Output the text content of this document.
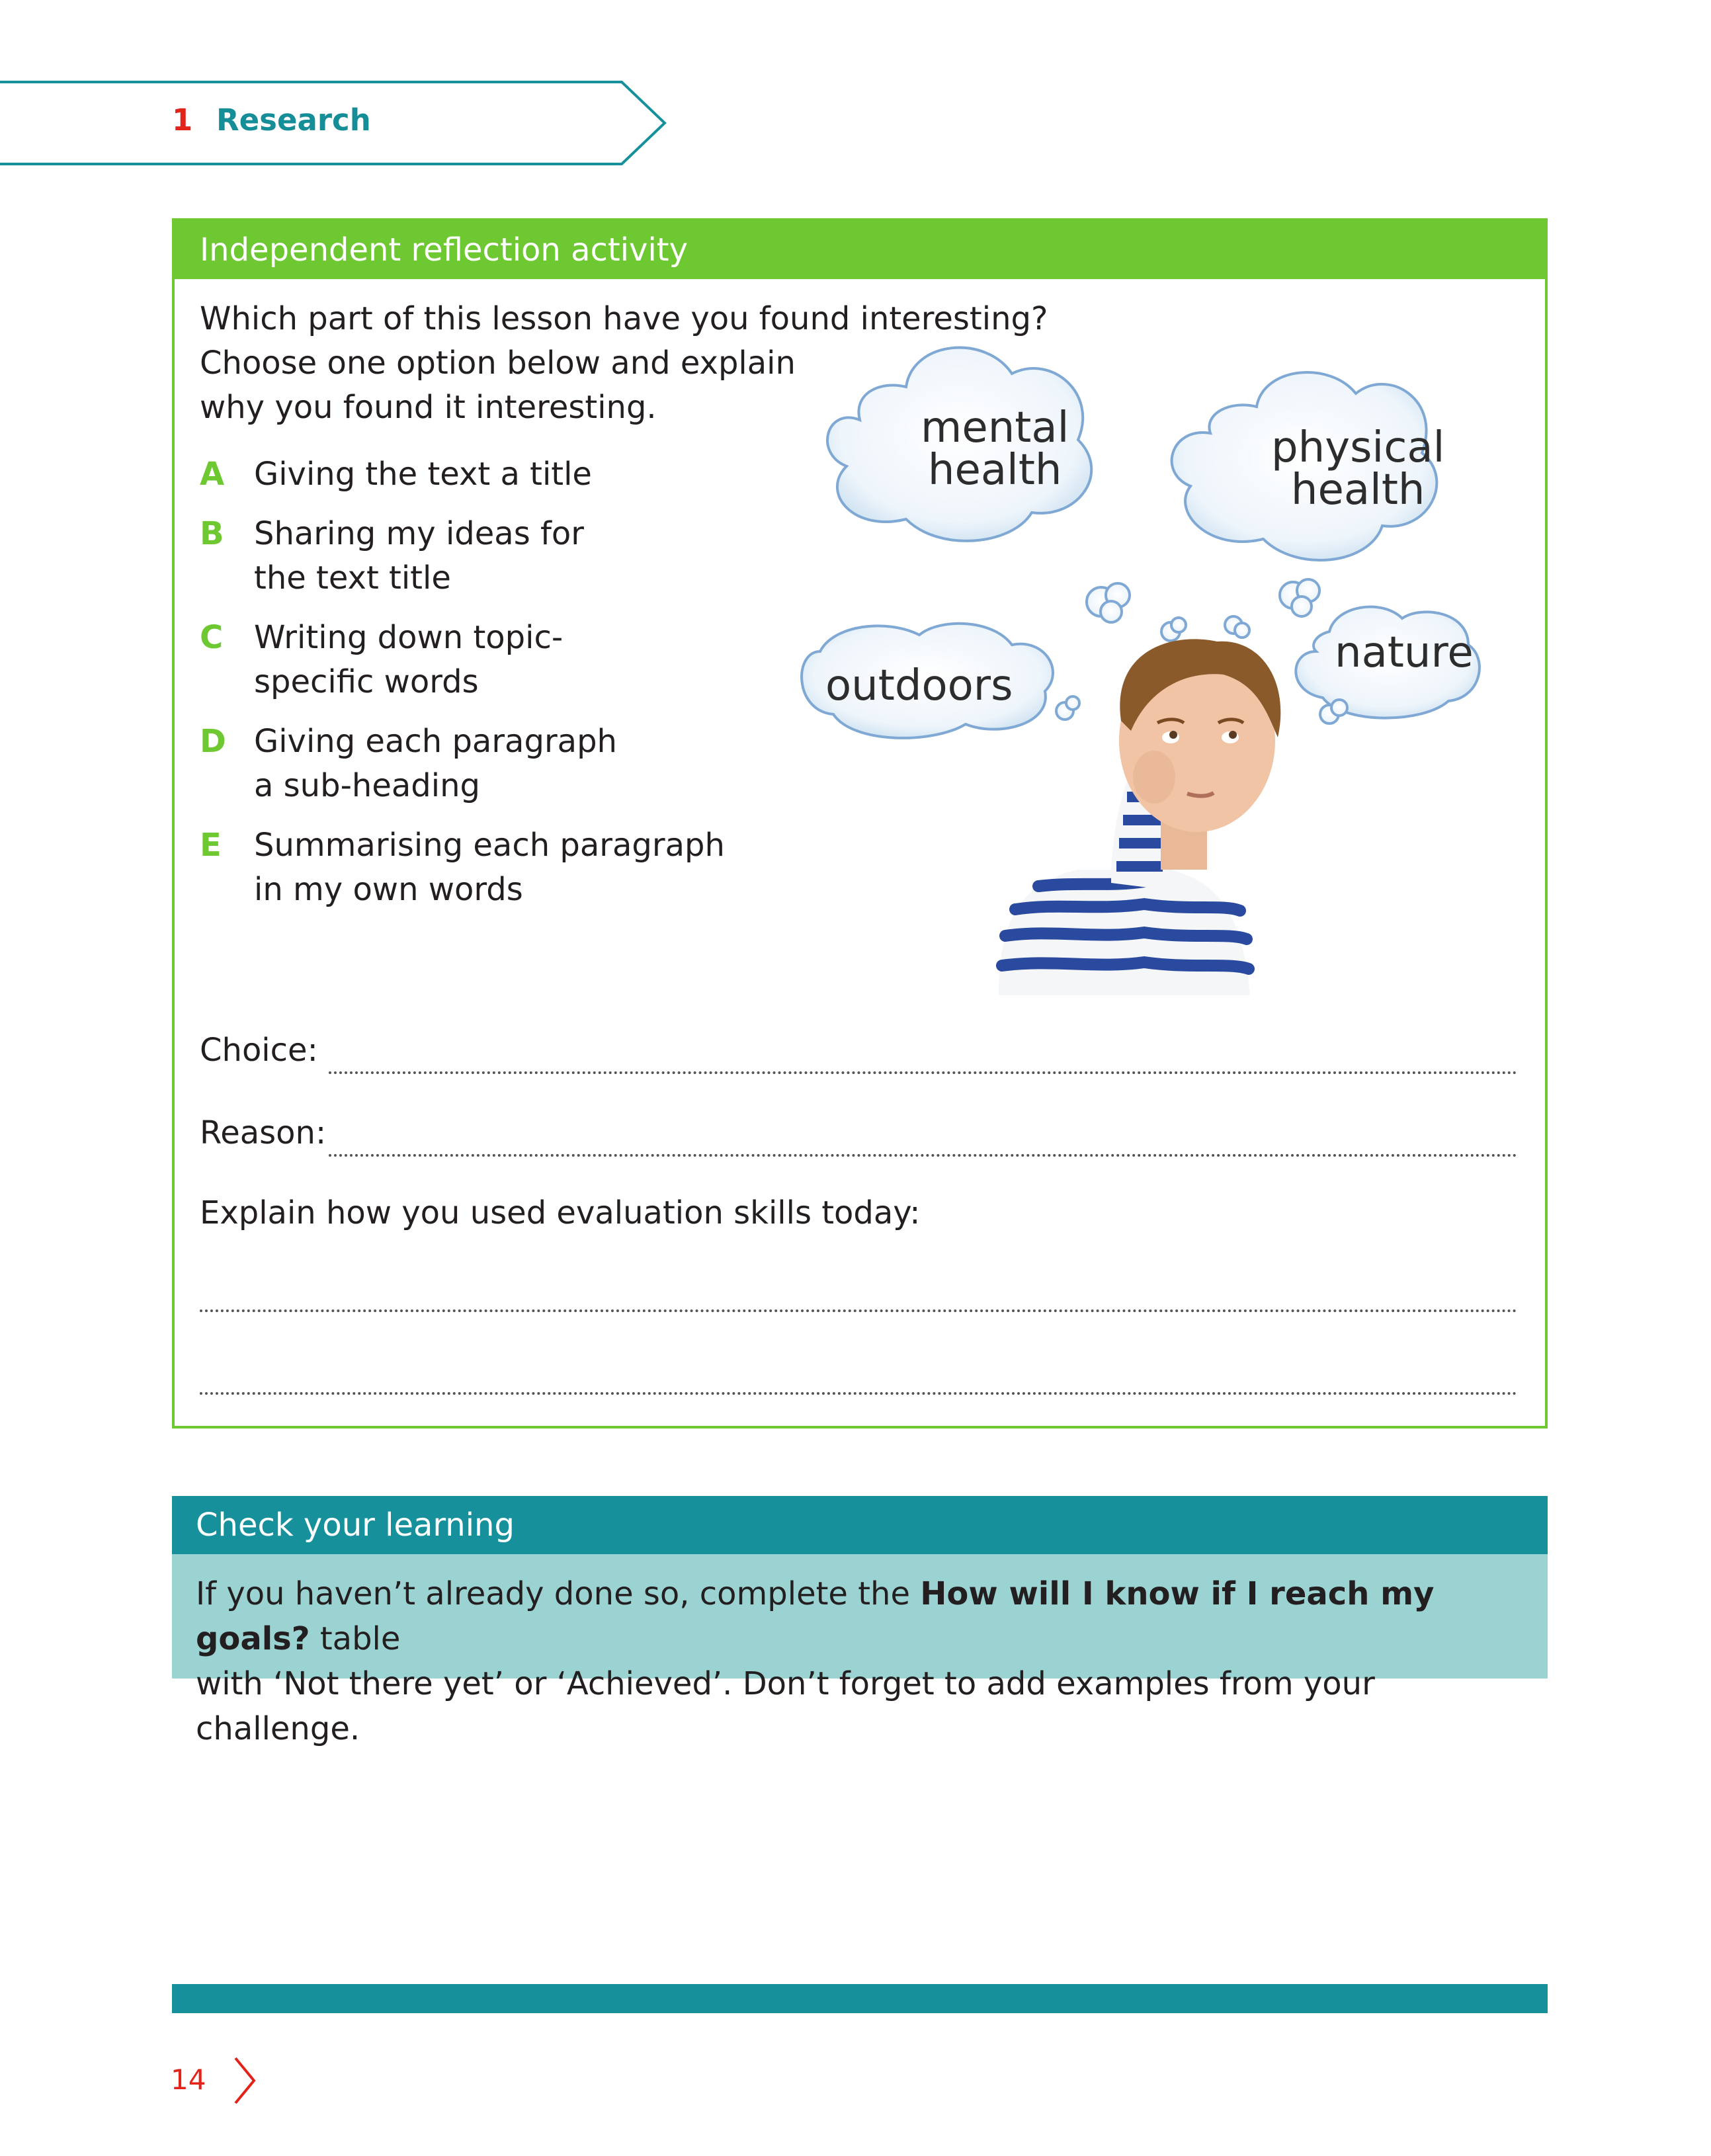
1 Research
Independent reflection activity
Which part of this lesson have you found interesting?
Choose one option below and explain
why you found it interesting.
A Giving the text a title
B Sharing my ideas for
the text title
C Writing down topic-
specific words
D Giving each paragraph
a sub-heading
E	Summarising each paragraph
in my own words
Choice:
Reason:
Explain how you used evaluation skills today:
mental
health	physical
health
outdoors
nature
Check your learning
If you haven’t already done so, complete the How will I know if I reach my goals? table
with ‘Not there yet’ or ‘Achieved’. Don’t forget to add examples from your challenge.
14
